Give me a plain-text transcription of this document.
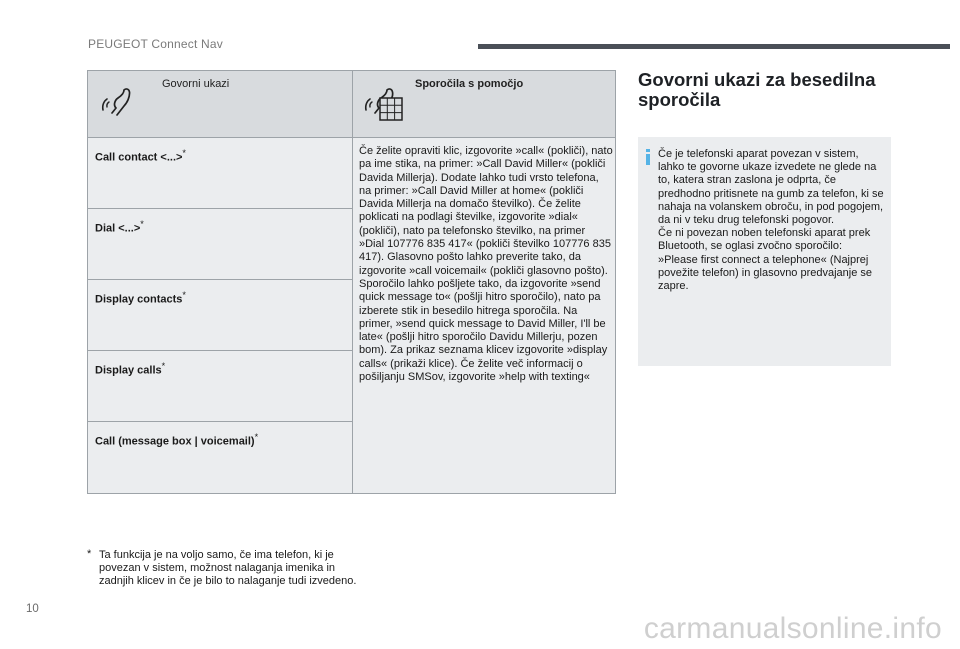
PEUGEOT Connect Nav
Govorni ukazi	Sporočila s pomočjo
Call contact <...>*
Dial <...>*
Display contacts*
Display calls*
Call (message box | voicemail)*
Če želite opraviti klic, izgovorite »call« (pokliči), nato pa ime stika, na primer: »Call David Miller« (pokliči Davida Millerja). Dodate lahko tudi vrsto telefona, na primer: »Call David Miller at home« (pokliči Davida Millerja na domačo številko). Če želite poklicati na podlagi številke, izgovorite »dial« (pokliči), nato pa telefonsko številko, na primer »Dial 107776 835 417« (pokliči številko 107776 835 417). Glasovno pošto lahko preverite tako, da izgovorite »call voicemail« (pokliči glasovno pošto). Sporočilo lahko pošljete tako, da izgovorite »send quick message to« (pošlji hitro sporočilo), nato pa izberete stik in besedilo hitrega sporočila. Na primer, »send quick message to David Miller, I'll be late« (pošlji hitro sporočilo Davidu Millerju, pozen bom). Za prikaz seznama klicev izgovorite »display calls« (prikaži klice). Če želite več informacij o pošiljanju SMSov, izgovorite »help with texting«
Govorni ukazi za besedilna sporočila
Če je telefonski aparat povezan v sistem, lahko te govorne ukaze izvedete ne glede na to, katera stran zaslona je odprta, če predhodno pritisnete na gumb za telefon, ki se nahaja na volanskem obroču, in pod pogojem, da ni v teku drug telefonski pogovor.
Če ni povezan noben telefonski aparat prek Bluetooth, se oglasi zvočno sporočilo: »Please first connect a telephone« (Najprej povežite telefon) in glasovno predvajanje se zapre.
* Ta funkcija je na voljo samo, če ima telefon, ki je povezan v sistem, možnost nalaganja imenika in zadnjih klicev in če je bilo to nalaganje tudi izvedeno.
10
carmanualsonline.info
